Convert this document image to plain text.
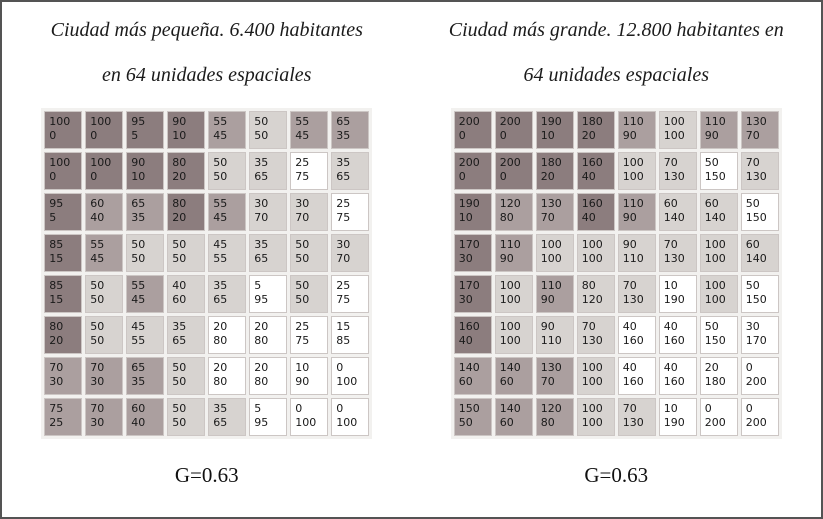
Ciudad más pequeña. 6.400 habitantes
en 64 unidades espaciales
100
0
100
0
95
5
90
10
55
45
50
50
55
45
65
35
100
0
100
0
90
10
80
20
50
50
35
65
25
75
35
65
95
5
60
40
65
35
80
20
55
45
30
70
30
70
25
75
85
15
55
45
50
50
50
50
45
55
35
65
50
50
30
70
85
15
50
50
55
45
40
60
35
65
5
95
50
50
25
75
80
20
50
50
45
55
35
65
20
80
20
80
25
75
15
85
70
30
70
30
65
35
50
50
20
80
20
80
10
90
0
100
75
25
70
30
60
40
50
50
35
65
5
95
0
100
0
100
G=0.63
Ciudad más grande. 12.800 habitantes en
64 unidades espaciales
200
0
200
0
190
10
180
20
110
90
100
100
110
90
130
70
200
0
200
0
180
20
160
40
100
100
70
130
50
150
70
130
190
10
120
80
130
70
160
40
110
90
60
140
60
140
50
150
170
30
110
90
100
100
100
100
90
110
70
130
100
100
60
140
170
30
100
100
110
90
80
120
70
130
10
190
100
100
50
150
160
40
100
100
90
110
70
130
40
160
40
160
50
150
30
170
140
60
140
60
130
70
100
100
40
160
40
160
20
180
0
200
150
50
140
60
120
80
100
100
70
130
10
190
0
200
0
200
G=0.63
